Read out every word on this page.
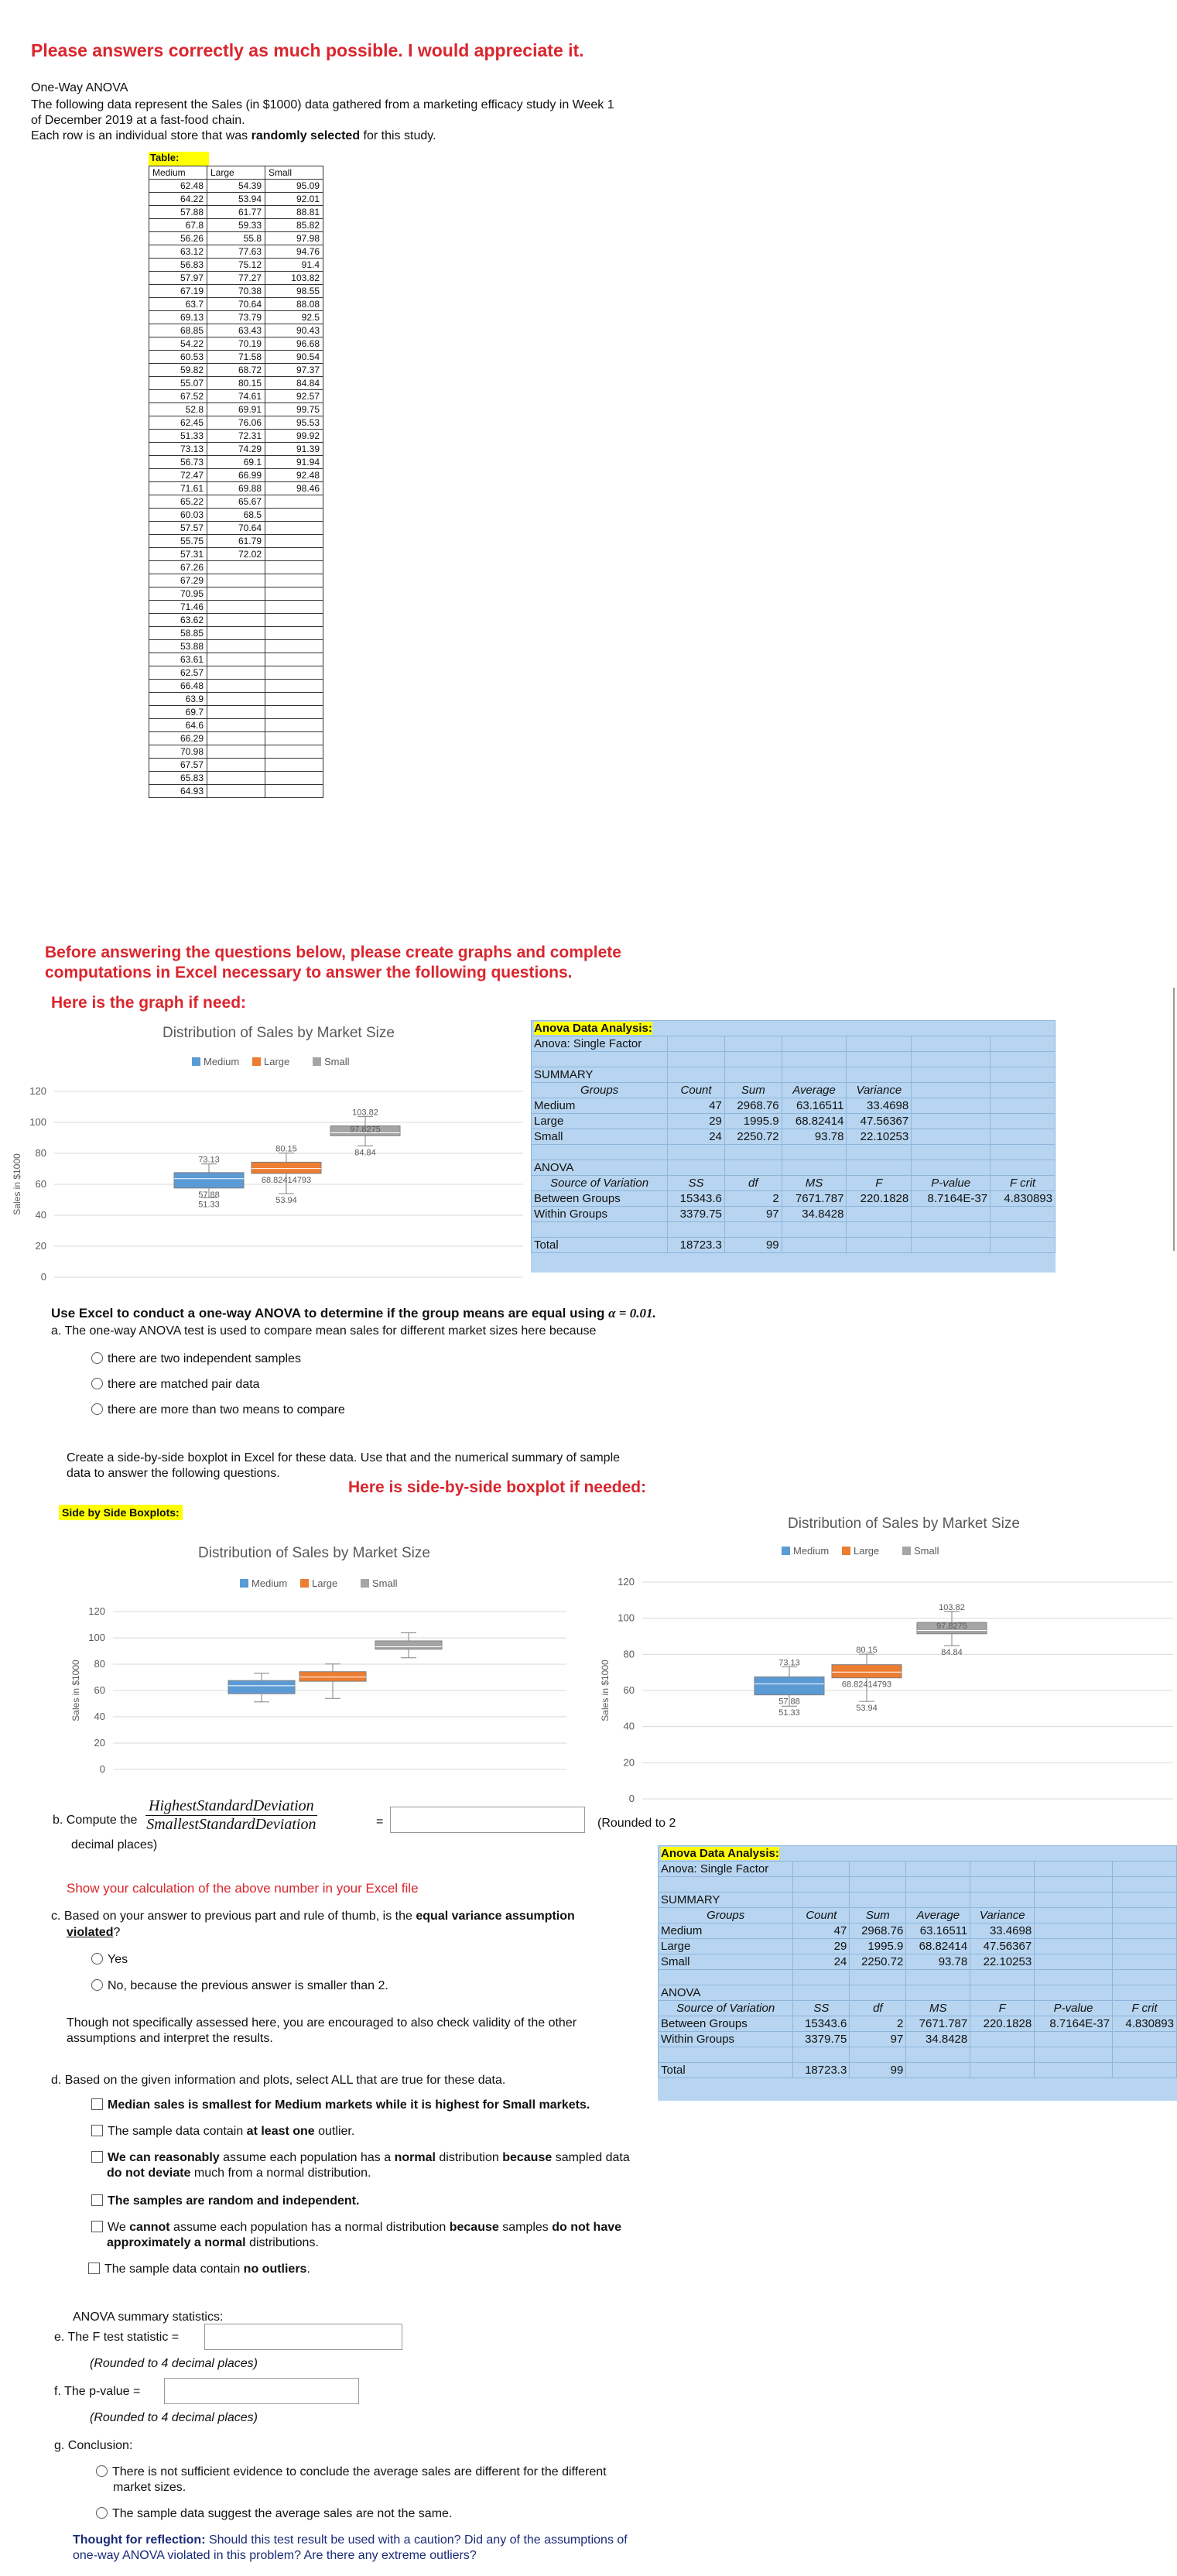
Please answers correctly as much possible. I would appreciate it.
One-Way ANOVA
The following data represent the Sales (in $1000) data gathered from a marketing efficacy study in Week 1
of December 2019 at a fast-food chain.
Each row is an individual store that was randomly selected for this study.
Table:
Medium	Large	Small
62.48	54.39	95.09
64.22	53.94	92.01
57.88	61.77	88.81
67.8	59.33	85.82
56.26	55.8	97.98
63.12	77.63	94.76
56.83	75.12	91.4
57.97	77.27	103.82
67.19	70.38	98.55
63.7	70.64	88.08
69.13	73.79	92.5
68.85	63.43	90.43
54.22	70.19	96.68
60.53	71.58	90.54
59.82	68.72	97.37
55.07	80.15	84.84
67.52	74.61	92.57
52.8	69.91	99.75
62.45	76.06	95.53
51.33	72.31	99.92
73.13	74.29	91.39
56.73	69.1	91.94
72.47	66.99	92.48
71.61	69.88	98.46
65.22	65.67	
60.03	68.5	
57.57	70.64	
55.75	61.79	
57.31	72.02	
67.26		
67.29		
70.95		
71.46		
63.62		
58.85		
53.88		
63.61		
62.57		
66.48		
63.9		
69.7		
64.6		
66.29		
70.98		
67.57		
65.83		
64.93		
Before answering the questions below, please create graphs and complete
computations in Excel necessary to answer the following questions.
Here is the graph if need:
Distribution of Sales by Market Size
Medium Large	Small
0
20
40
60
80
100
120
Sales in $1000	73.13
51.33
57.88
80.15
53.94
68.82414793
103.82
97.8275
84.84
Anova Data Analysis:						
Anova: Single Factor						

SUMMARY						
Groups	Count	Sum	Average	Variance		
Medium	47	2968.76	63.16511	33.4698		
Large	29	1995.9	68.82414	47.56367		
Small	24	2250.72	93.78	22.10253		

ANOVA						
Source of Variation	SS	df	MS	F	P-value	F crit
Between Groups	15343.6	2	7671.787	220.1828	8.7164E-37	4.830893
Within Groups	3379.75	97	34.8428			

Total	18723.3	99				
Use Excel to conduct a one-way ANOVA to determine if the group means are equal using α = 0.01.
a. The one-way ANOVA test is used to compare mean sales for different market sizes here because
there are two independent samples
there are matched pair data
there are more than two means to compare
Create a side-by-side boxplot in Excel for these data. Use that and the numerical summary of sample
data to answer the following questions.
Here is side-by-side boxplot if needed:
Side by Side Boxplots:
Distribution of Sales by Market Size
Medium Large	Small
0
20
40
60
80
100
120
Sales in $1000
Distribution of Sales by Market Size
Medium Large	Small
0
20
40
60
80
100
120
Sales in $1000	73.13
51.33
57.88
80.15
53.94
68.82414793
103.82
97.8275
84.84
b. Compute the
HighestStandardDeviation
SmallestStandardDeviation	=	(Rounded to 2
decimal places)
Anova Data Analysis:						
Anova: Single Factor						

SUMMARY						
Groups	Count	Sum	Average	Variance		
Medium	47	2968.76	63.16511	33.4698		
Large	29	1995.9	68.82414	47.56367		
Small	24	2250.72	93.78	22.10253		

ANOVA						
Source of Variation	SS	df	MS	F	P-value	F crit
Between Groups	15343.6	2	7671.787	220.1828	8.7164E-37	4.830893
Within Groups	3379.75	97	34.8428			

Total	18723.3	99				
Show your calculation of the above number in your Excel file
c. Based on your answer to previous part and rule of thumb, is the equal variance assumption
violated?
Yes
No, because the previous answer is smaller than 2.
Though not specifically assessed here, you are encouraged to also check validity of the other
assumptions and interpret the results.
d. Based on the given information and plots, select ALL that are true for these data.
Median sales is smallest for Medium markets while it is highest for Small markets.
The sample data contain at least one outlier.
We can reasonably assume each population has a normal distribution because sampled data
do not deviate much from a normal distribution.
The samples are random and independent.
We cannot assume each population has a normal distribution because samples do not have
approximately a normal distributions.
The sample data contain no outliers.
ANOVA summary statistics:
e. The F test statistic =
(Rounded to 4 decimal places)
f. The p-value =
(Rounded to 4 decimal places)
g. Conclusion:
There is not sufficient evidence to conclude the average sales are different for the different
market sizes.
The sample data suggest the average sales are not the same.
Thought for reflection: Should this test result be used with a caution? Did any of the assumptions of
one-way ANOVA violated in this problem? Are there any extreme outliers?
